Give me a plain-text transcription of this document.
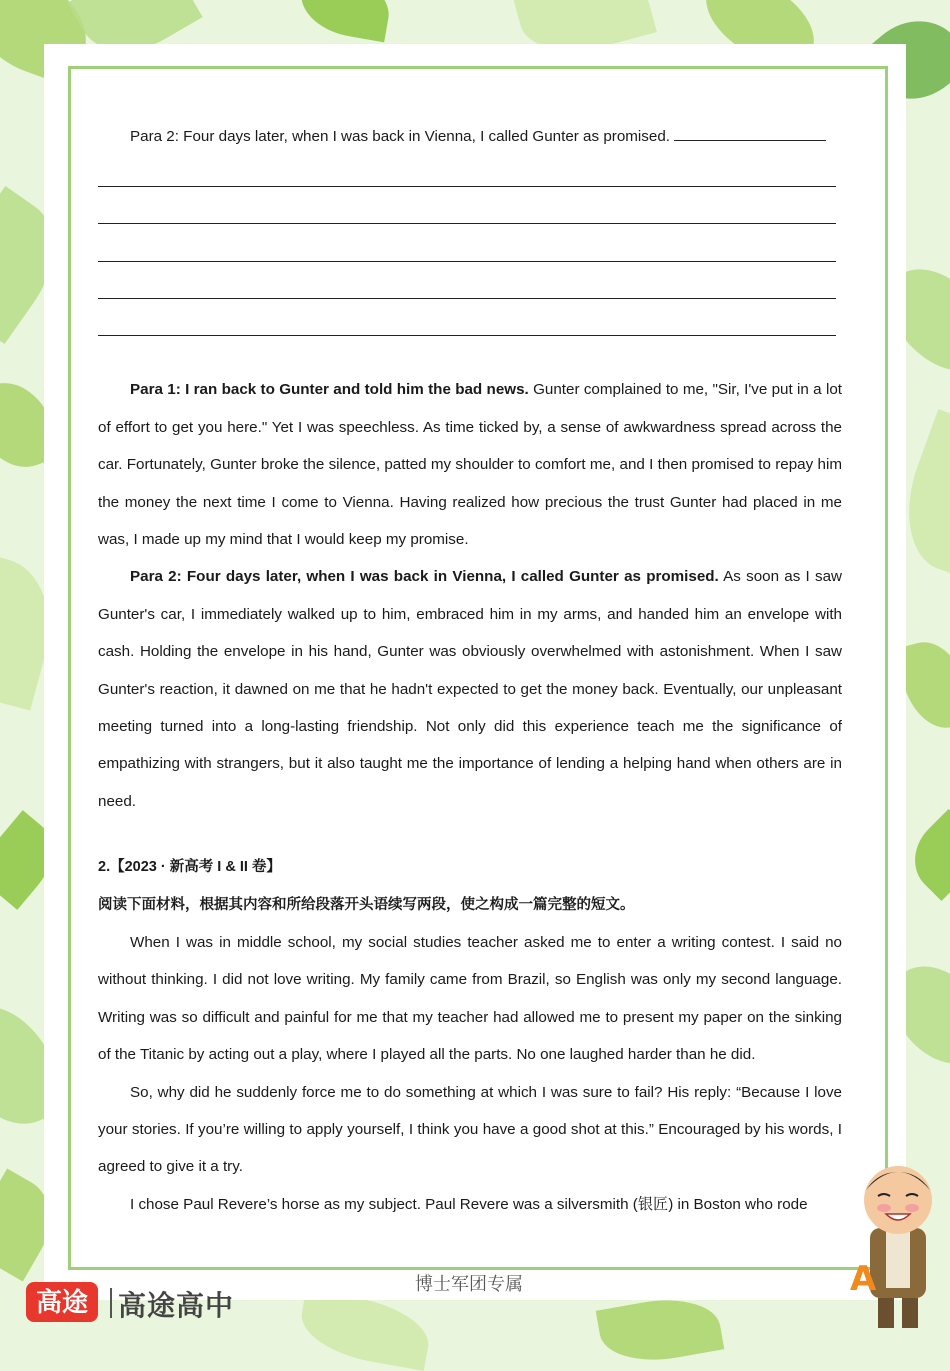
Para 2: Four days later, when I was back in Vienna, I called Gunter as promised.

Para 1: I ran back to Gunter and told him the bad news. Gunter complained to me, "Sir, I've put in a lot of effort to get you here." Yet I was speechless. As time ticked by, a sense of awkwardness spread across the car. Fortunately, Gunter broke the silence, patted my shoulder to comfort me, and I then promised to repay him the money the next time I come to Vienna. Having realized how precious the trust Gunter had placed in me was, I made up my mind that I would keep my promise.

Para 2: Four days later, when I was back in Vienna, I called Gunter as promised. As soon as I saw Gunter's car, I immediately walked up to him, embraced him in my arms, and handed him an envelope with cash. Holding the envelope in his hand, Gunter was obviously overwhelmed with astonishment. When I saw Gunter's reaction, it dawned on me that he hadn't expected to get the money back. Eventually, our unpleasant meeting turned into a long-lasting friendship. Not only did this experience teach me the significance of empathizing with strangers, but it also taught me the importance of lending a helping hand when others are in need.

2.【2023 · 新高考 I & II 卷】

阅读下面材料，根据其内容和所给段落开头语续写两段，使之构成一篇完整的短文。

When I was in middle school, my social studies teacher asked me to enter a writing contest. I said no without thinking. I did not love writing. My family came from Brazil, so English was only my second language. Writing was so difficult and painful for me that my teacher had allowed me to present my paper on the sinking of the Titanic by acting out a play, where I played all the parts. No one laughed harder than he did.

So, why did he suddenly force me to do something at which I was sure to fail? His reply: “Because I love your stories. If you’re willing to apply yourself, I think you have a good shot at this.” Encouraged by his words, I agreed to give it a try.

I chose Paul Revere’s horse as my subject. Paul Revere was a silversmith (银匠) in Boston who rode

博士军团专属
高途	高途高中
A
